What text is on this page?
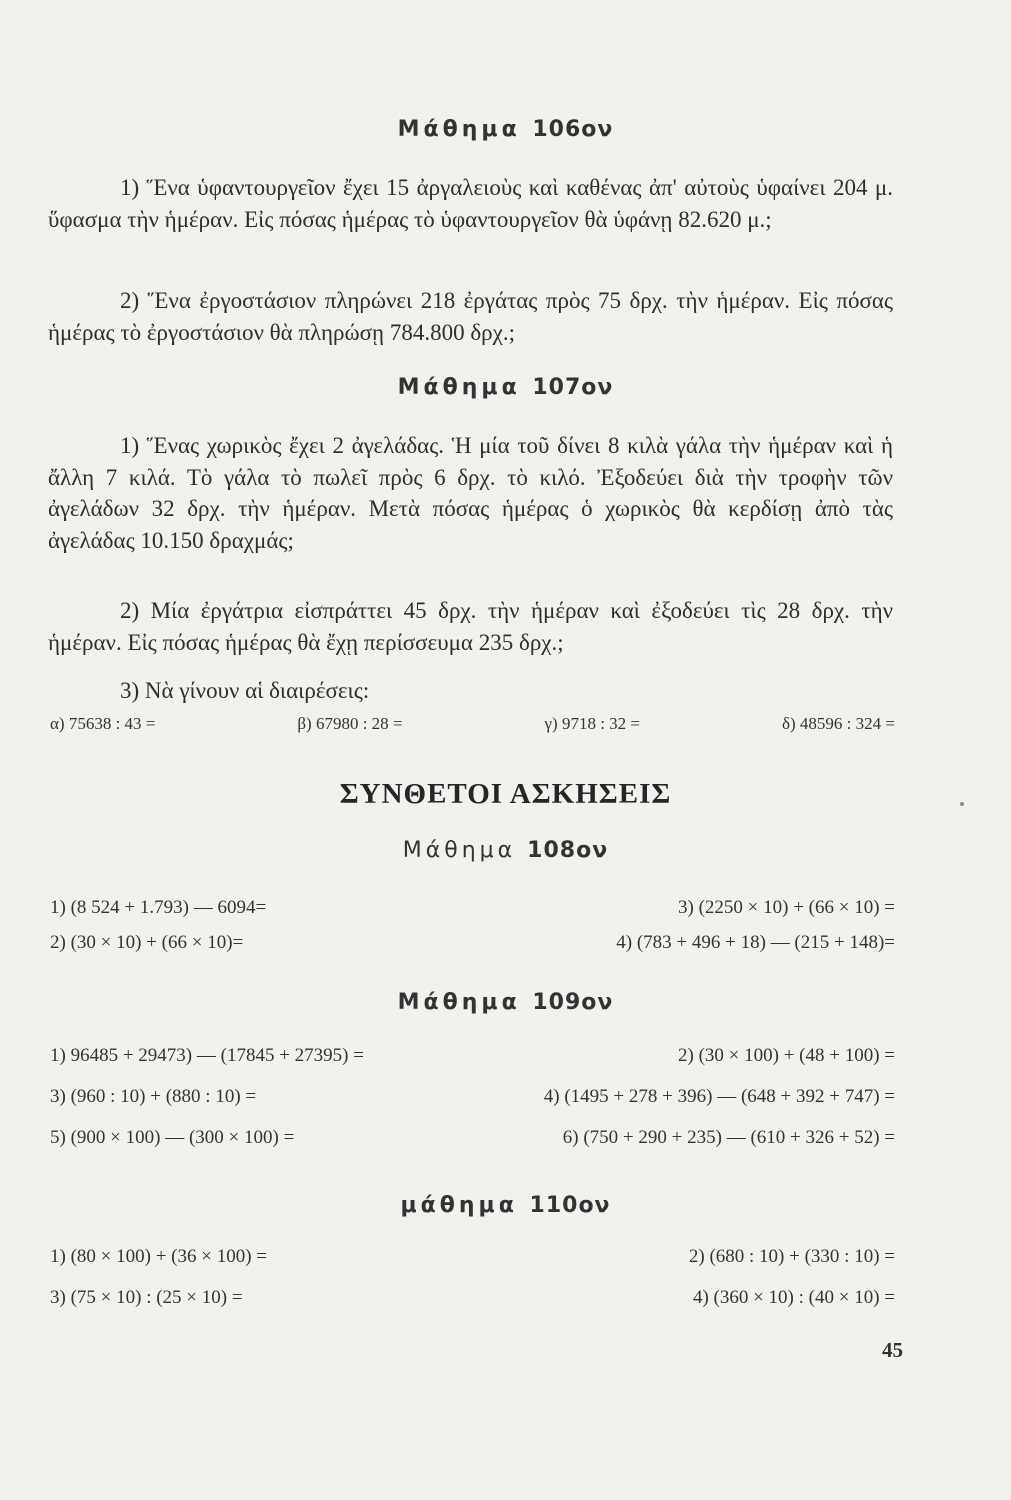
Μάθημα 106ον

1) Ἕνα ὑφαντουργεῖον ἔχει 15 ἀργαλειοὺς καὶ καθένας ἀπ' αὐτοὺς ὑφαίνει 204 μ. ὕφασμα τὴν ἡμέραν. Εἰς πόσας ἡμέρας τὸ ὑφαντουργεῖον θὰ ὑφάνῃ 82.620 μ.;

2) Ἕνα ἐργοστάσιον πληρώνει 218 ἐργάτας πρὸς 75 δρχ. τὴν ἡμέραν. Εἰς πόσας ἡμέρας τὸ ἐργοστάσιον θὰ πληρώσῃ 784.800 δρχ.;

Μάθημα 107ον

1) Ἕνας χωρικὸς ἔχει 2 ἀγελάδας. Ἡ μία τοῦ δίνει 8 κιλὰ γάλα τὴν ἡμέραν καὶ ἡ ἄλλη 7 κιλά. Τὸ γάλα τὸ πωλεῖ πρὸς 6 δρχ. τὸ κιλό. Ἐξοδεύει διὰ τὴν τροφὴν τῶν ἀγελάδων 32 δρχ. τὴν ἡμέραν. Μετὰ πόσας ἡμέρας ὁ χωρικὸς θὰ κερδίσῃ ἀπὸ τὰς ἀγελάδας 10.150 δραχμάς;

2) Μία ἐργάτρια εἰσπράττει 45 δρχ. τὴν ἡμέραν καὶ ἐξοδεύει τὶς 28 δρχ. τὴν ἡμέραν. Εἰς πόσας ἡμέρας θὰ ἔχῃ περίσσευμα 235 δρχ.;

3) Νὰ γίνουν αἱ διαιρέσεις:

α) 75638 : 43 =	β) 67980 : 28 =	γ) 9718 : 32 =	δ) 48596 : 324 =
ΣΥΝΘΕΤΟΙ ΑΣΚΗΣΕΙΣ
Μάθημα 108ον
1) (8 524 + 1.793) — 6094=	3) (2250 × 10) + (66 × 10) =
2) (30 × 10) + (66 × 10)=	4) (783 + 496 + 18) — (215 + 148)=
Μάθημα 109ον
1) 96485 + 29473) — (17845 + 27395) =	2) (30 × 100) + (48 + 100) =
3) (960 : 10) + (880 : 10) =	4) (1495 + 278 + 396) — (648 + 392 + 747) =
5) (900 × 100) — (300 × 100) =	6) (750 + 290 + 235) — (610 + 326 + 52) =
μάθημα 110ον
1) (80 × 100) + (36 × 100) =	2) (680 : 10) + (330 : 10) =
3) (75 × 10) : (25 × 10) =	4) (360 × 10) : (40 × 10) =
45
